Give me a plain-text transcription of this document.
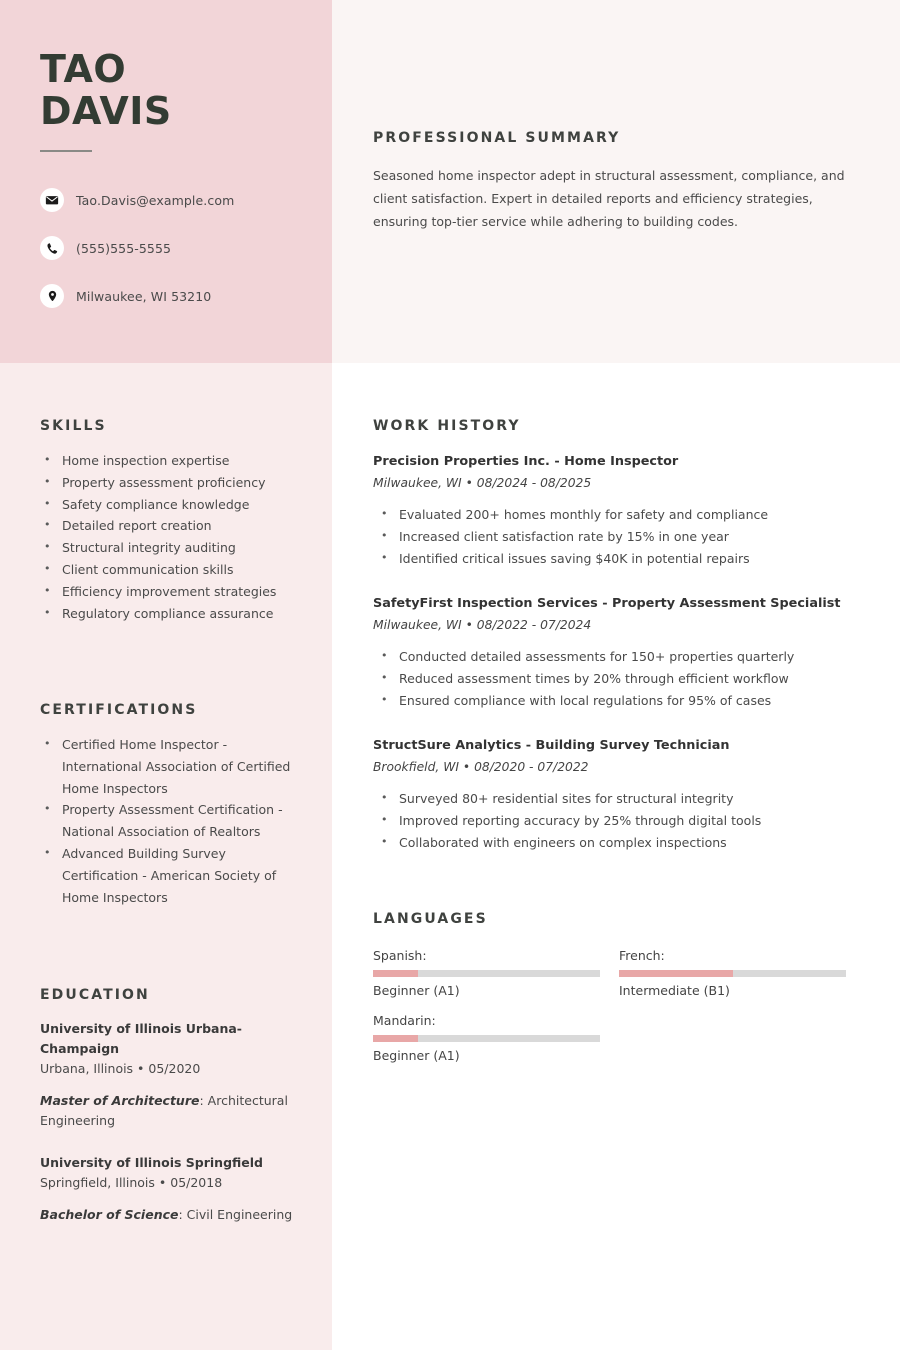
TAO
DAVIS
Tao.Davis@example.com
(555)555-5555
Milwaukee, WI 53210
PROFESSIONAL SUMMARY
Seasoned home inspector adept in structural assessment, compliance, and client satisfaction. Expert in detailed reports and efficiency strategies, ensuring top-tier service while adhering to building codes.
SKILLS
• Home inspection expertise
• Property assessment proficiency
• Safety compliance knowledge
• Detailed report creation
• Structural integrity auditing
• Client communication skills
• Efficiency improvement strategies
• Regulatory compliance assurance
CERTIFICATIONS
• Certified Home Inspector - International Association of Certified Home Inspectors
• Property Assessment Certification - National Association of Realtors
• Advanced Building Survey Certification - American Society of Home Inspectors
EDUCATION
University of Illinois Urbana-Champaign
Urbana, Illinois • 05/2020
Master of Architecture: Architectural Engineering
University of Illinois Springfield
Springfield, Illinois • 05/2018
Bachelor of Science: Civil Engineering
WORK HISTORY
Precision Properties Inc. - Home Inspector
Milwaukee, WI • 08/2024 - 08/2025
• Evaluated 200+ homes monthly for safety and compliance
• Increased client satisfaction rate by 15% in one year
• Identified critical issues saving $40K in potential repairs
SafetyFirst Inspection Services - Property Assessment Specialist
Milwaukee, WI • 08/2022 - 07/2024
• Conducted detailed assessments for 150+ properties quarterly
• Reduced assessment times by 20% through efficient workflow
• Ensured compliance with local regulations for 95% of cases
StructSure Analytics - Building Survey Technician
Brookfield, WI • 08/2020 - 07/2022
• Surveyed 80+ residential sites for structural integrity
• Improved reporting accuracy by 25% through digital tools
• Collaborated with engineers on complex inspections
LANGUAGES
Spanish:
Beginner (A1)
French:
Intermediate (B1)
Mandarin:
Beginner (A1)
